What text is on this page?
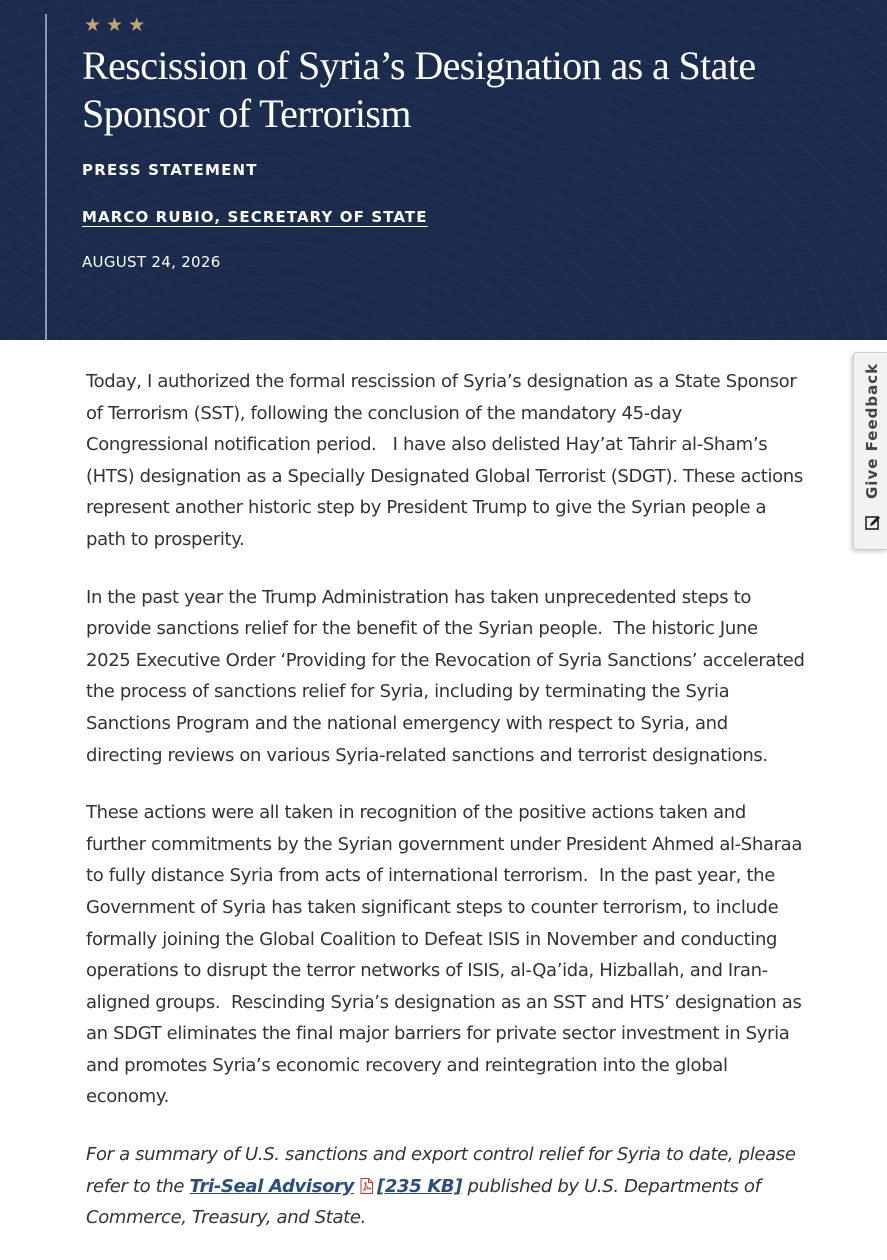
★★★
Rescission of Syria’s Designation as a State Sponsor of Terrorism
PRESS STATEMENT
MARCO RUBIO, SECRETARY OF STATE
AUGUST 24, 2026

Today, I authorized the formal rescission of Syria’s designation as a State Sponsor of Terrorism (SST), following the conclusion of the mandatory 45-day Congressional notification period.   I have also delisted Hay’at Tahrir al-Sham’s (HTS) designation as a Specially Designated Global Terrorist (SDGT). These actions represent another historic step by President Trump to give the Syrian people a path to prosperity.

In the past year the Trump Administration has taken unprecedented steps to provide sanctions relief for the benefit of the Syrian people.  The historic June 2025 Executive Order ‘Providing for the Revocation of Syria Sanctions’ accelerated the process of sanctions relief for Syria, including by terminating the Syria Sanctions Program and the national emergency with respect to Syria, and directing reviews on various Syria-related sanctions and terrorist designations.

These actions were all taken in recognition of the positive actions taken and further commitments by the Syrian government under President Ahmed al-Sharaa to fully distance Syria from acts of international terrorism.  In the past year, the Government of Syria has taken significant steps to counter terrorism, to include formally joining the Global Coalition to Defeat ISIS in November and conducting operations to disrupt the terror networks of ISIS, al-Qa’ida, Hizballah, and Iran-aligned groups.  Rescinding Syria’s designation as an SST and HTS’ designation as an SDGT eliminates the final major barriers for private sector investment in Syria and promotes Syria’s economic recovery and reintegration into the global economy.

For a summary of U.S. sanctions and export control relief for Syria to date, please refer to the Tri-Seal Advisory [235 KB] published by U.S. Departments of Commerce, Treasury, and State.

Give Feedback
